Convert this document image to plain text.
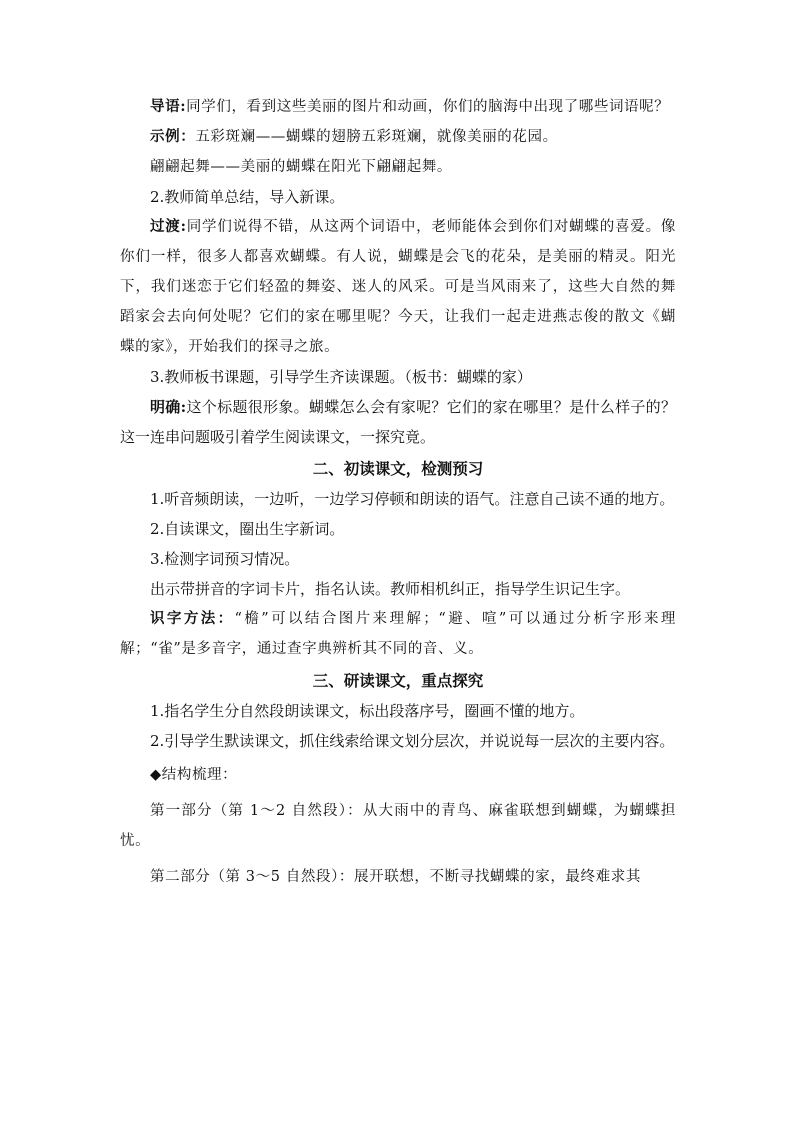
导语:同学们，看到这些美丽的图片和动画，你们的脑海中出现了哪些词语呢？

示例：五彩斑斓——蝴蝶的翅膀五彩斑斓，就像美丽的花园。

翩翩起舞——美丽的蝴蝶在阳光下翩翩起舞。

2.教师简单总结，导入新课。

过渡:同学们说得不错，从这两个词语中，老师能体会到你们对蝴蝶的喜爱。像你们一样，很多人都喜欢蝴蝶。有人说，蝴蝶是会飞的花朵，是美丽的精灵。阳光下，我们迷恋于它们轻盈的舞姿、迷人的风采。可是当风雨来了，这些大自然的舞蹈家会去向何处呢？它们的家在哪里呢？今天，让我们一起走进燕志俊的散文《蝴蝶的家》，开始我们的探寻之旅。

3.教师板书课题，引导学生齐读课题。（板书：蝴蝶的家）

明确:这个标题很形象。蝴蝶怎么会有家呢？它们的家在哪里？是什么样子的？这一连串问题吸引着学生阅读课文，一探究竟。

二、初读课文，检测预习

1.听音频朗读，一边听，一边学习停顿和朗读的语气。注意自己读不通的地方。

2.自读课文，圈出生字新词。

3.检测字词预习情况。

出示带拼音的字词卡片，指名认读。教师相机纠正，指导学生识记生字。

识字方法：“檐”可以结合图片来理解；“避、喧”可以通过分析字形来理解；“雀”是多音字，通过查字典辨析其不同的音、义。

三、研读课文，重点探究

1.指名学生分自然段朗读课文，标出段落序号，圈画不懂的地方。

2.引导学生默读课文，抓住线索给课文划分层次，并说说每一层次的主要内容。

◆结构梳理：

第一部分（第 1～2 自然段）：从大雨中的青鸟、麻雀联想到蝴蝶，为蝴蝶担忧。

第二部分（第 3～5 自然段）：展开联想，不断寻找蝴蝶的家，最终难求其
